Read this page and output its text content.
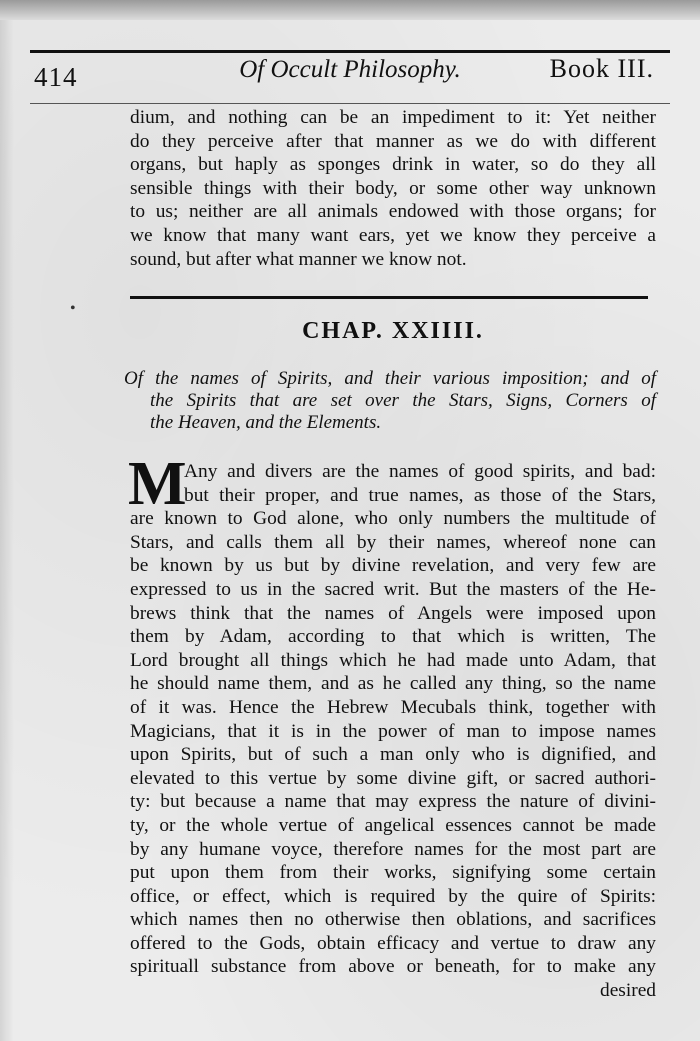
414	Of Occult Philosophy.	Book III.
dium, and nothing can be an impediment to it: Yet neither
do they perceive after that manner as we do with different
organs, but haply as sponges drink in water, so do they all
sensible things with their body, or some other way unknown
to us; neither are all animals endowed with those organs; for
we know that many want ears, yet we know they perceive a
sound, but after what manner we know not.
•
CHAP. XXIIII.
Of the names of Spirits, and their various imposition; and of
the Spirits that are set over the Stars, Signs, Corners of
the Heaven, and the Elements.
M
Any and divers are the names of good spirits, and bad:
but their proper, and true names, as those of the Stars,
are known to God alone, who only numbers the multitude of
Stars, and calls them all by their names, whereof none can
be known by us but by divine revelation, and very few are
expressed to us in the sacred writ. But the masters of the He-
brews think that the names of Angels were imposed upon
them by Adam, according to that which is written, The
Lord brought all things which he had made unto Adam, that
he should name them, and as he called any thing, so the name
of it was. Hence the Hebrew Mecubals think, together with
Magicians, that it is in the power of man to impose names
upon Spirits, but of such a man only who is dignified, and
elevated to this vertue by some divine gift, or sacred authori-
ty: but because a name that may express the nature of divini-
ty, or the whole vertue of angelical essences cannot be made
by any humane voyce, therefore names for the most part are
put upon them from their works, signifying some certain
office, or effect, which is required by the quire of Spirits:
which names then no otherwise then oblations, and sacrifices
offered to the Gods, obtain efficacy and vertue to draw any
spirituall substance from above or beneath, for to make any
desired
